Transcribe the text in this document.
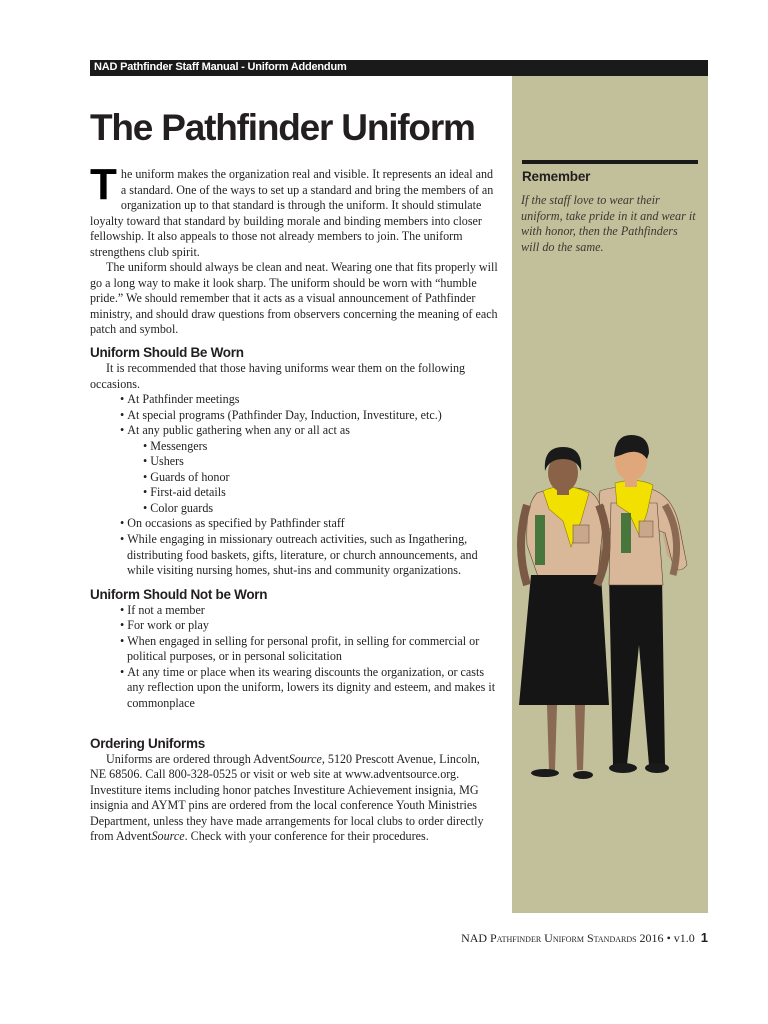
NAD Pathfinder Staff Manual - Uniform Addendum
Remember
If the staff love to wear their uniform, take pride in it and wear it with honor, then the Pathfinders will do the same.
The Pathfinder Uniform

The uniform makes the organization real and visible. It represents an ideal and a standard. One of the ways to set up a standard and bring the members of an organization up to that standard is through the uniform. It should stimulate loyalty toward that standard by building morale and binding members into closer fellowship. It also appeals to those not already members to join. The uniform strengthens club spirit.

The uniform should always be clean and neat. Wearing one that fits properly will go a long way to make it look sharp. The uniform should be worn with “humble pride.” We should remember that it acts as a visual announcement of Pathfinder ministry, and should draw questions from observers concerning the meaning of each patch and symbol.

Uniform Should Be Worn

It is recommended that those having uniforms wear them on the following occasions.

• At Pathfinder meetings
• At special programs (Pathfinder Day, Induction, Investiture, etc.)
• At any public gathering when any or all act as
• Messengers
• Ushers
• Guards of honor
• First-aid details
• Color guards
• On occasions as specified by Pathfinder staff
• While engaging in missionary outreach activities, such as Ingathering, distributing food baskets, gifts, literature, or church announcements, and while visiting nursing homes, shut-ins and community organizations.
Uniform Should Not be Worn
• If not a member
• For work or play
• When engaged in selling for personal profit, in selling for commercial or political purposes, or in personal solicitation
• At any time or place when its wearing discounts the organization, or casts any reflection upon the uniform, lowers its dignity and esteem, and makes it commonplace
Ordering Uniforms

Uniforms are ordered through AdventSource, 5120 Prescott Avenue, Lincoln, NE 68506. Call 800-328-0525 or visit or web site at www.adventsource.org. Investiture items including honor patches Investiture Achievement insignia, MG insignia and AYMT pins are ordered from the local conference Youth Ministries Department, unless they have made arrangements for local clubs to order directly from AdventSource. Check with your conference for their procedures.

NAD Pathfinder Uniform Standards 2016 • v1.0 1
